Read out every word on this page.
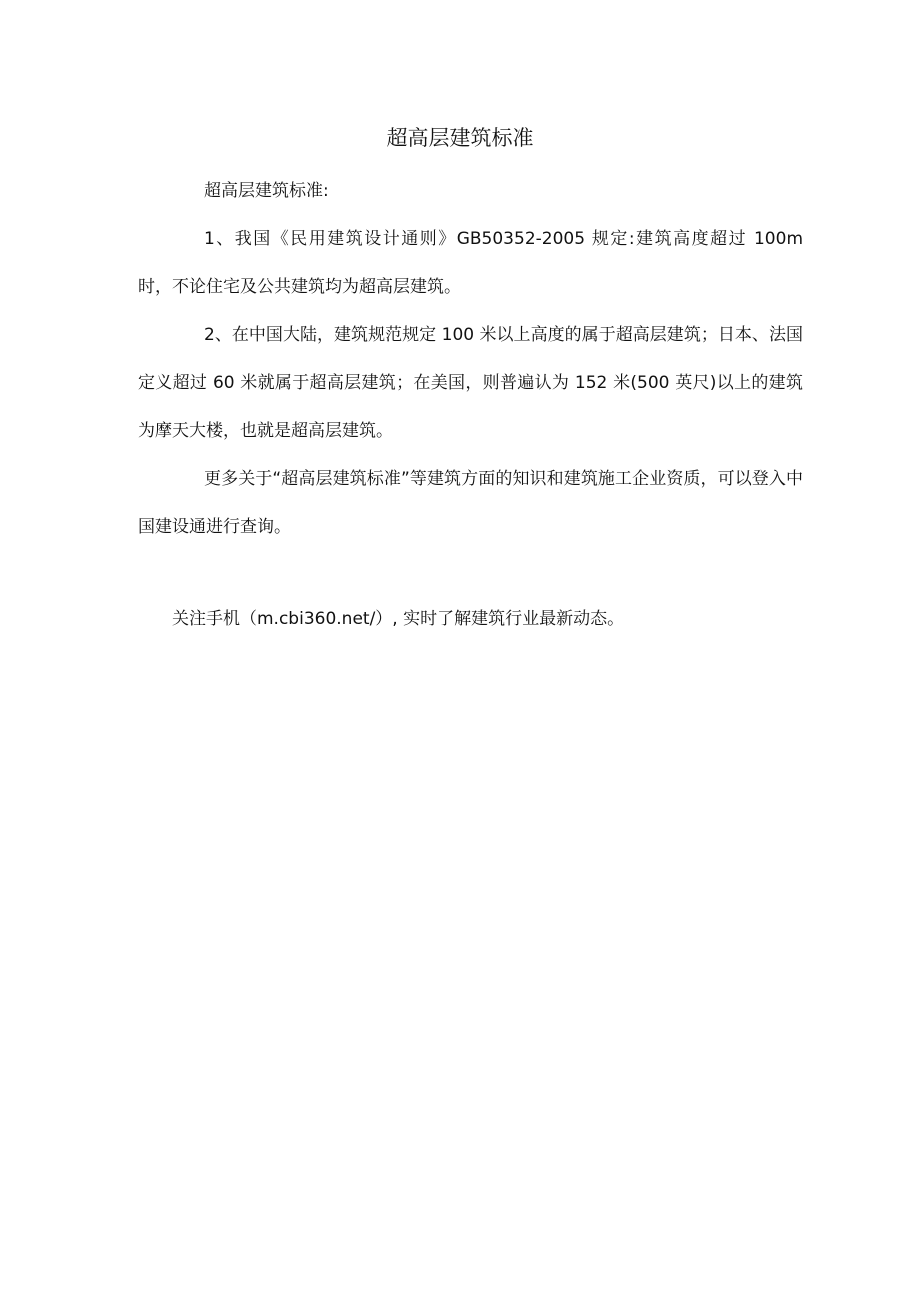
超高层建筑标准

超高层建筑标准:

1、我国《民用建筑设计通则》GB50352-2005 规定:建筑高度超过 100m 时，不论住宅及公共建筑均为超高层建筑。

2、在中国大陆，建筑规范规定 100 米以上高度的属于超高层建筑；日本、法国定义超过 60 米就属于超高层建筑；在美国，则普遍认为 152 米(500 英尺)以上的建筑为摩天大楼，也就是超高层建筑。

更多关于“超高层建筑标准”等建筑方面的知识和建筑施工企业资质，可以登入中国建设通进行查询。

关注手机（m.cbi360.net/）, 实时了解建筑行业最新动态。
